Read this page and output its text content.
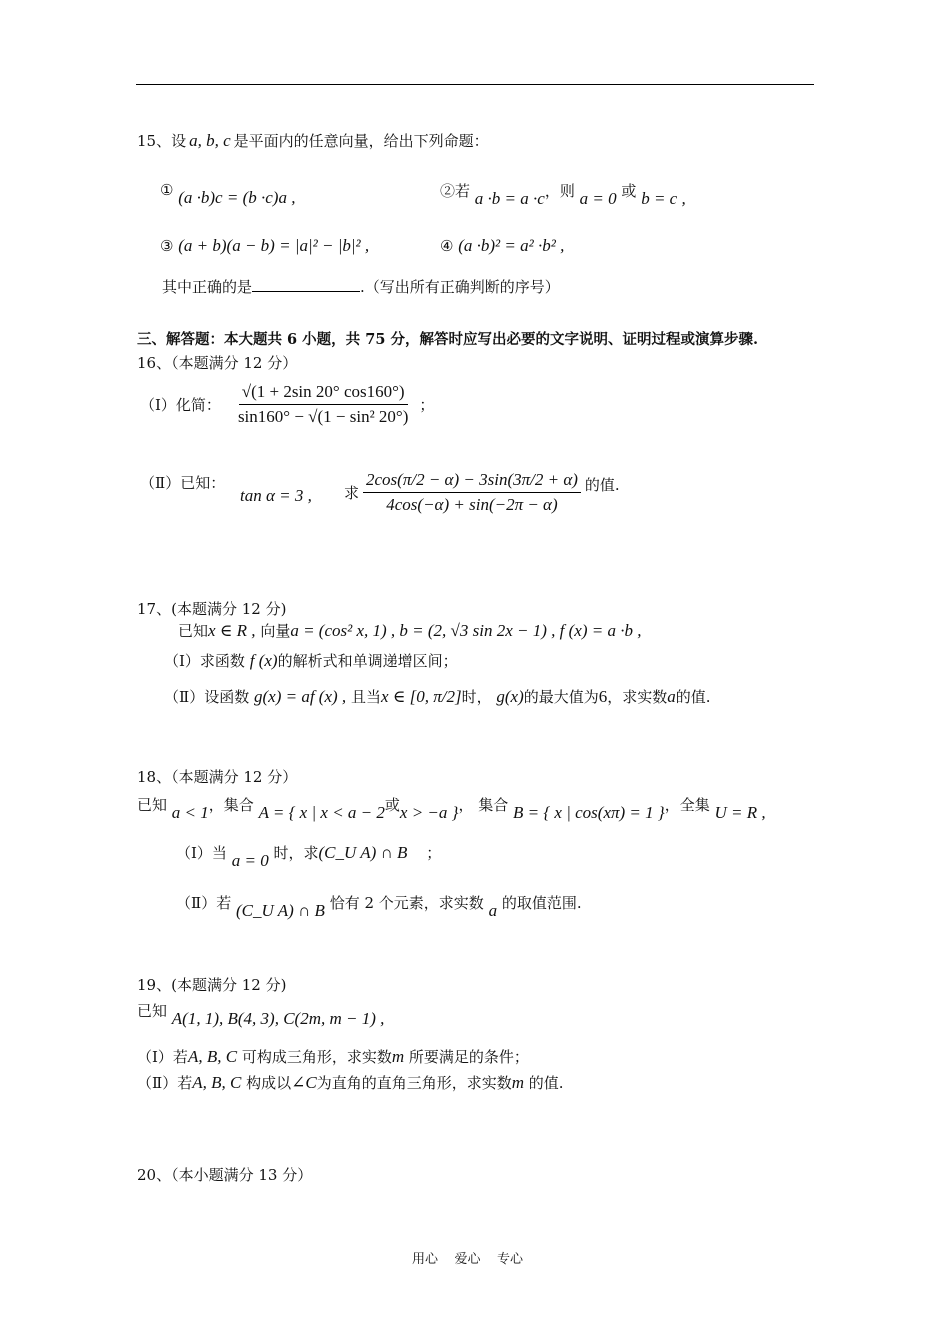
15、设 a, b, c 是平面内的任意向量，给出下列命题：
① (a ·b)c = (b ·c)a ,	②若 a ·b = a ·c，则 a = 0 或 b = c ,
③ (a + b)(a − b) = |a|² − |b|² ,	④ (a ·b)² = a² ·b² ,
其中正确的是	.（写出所有正确判断的序号）
三、解答题：本大题共 6 小题，共 75 分，解答时应写出必要的文字说明、证明过程或演算步骤.
16、（本题满分 12 分）
（Ⅰ）化简： $\frac{√(1 + 2\sin 20^\circ \cos 160^\circ)}{\text{sin160° − √(1 − sin² 20°)}}$ ；
（Ⅱ）已知：
tan α = 3 , 求 $\frac{2\cos(\pi/2 - \alpha) - 3\sin(3\pi/2 + \alpha)}{4\cos(-\alpha) + \sin(-2\pi - \alpha)}$ 的值.
17、(本题满分 12 分)
已知x ∈ R , 向量a = (cos² x, 1) , b = (2, √3 sin 2x − 1) , f (x) = a ·b ,
（Ⅰ）求函数 f (x)的解析式和单调递增区间；
（Ⅱ）设函数 g(x) = af (x) , 且当x ∈ [0, π/2]时， g(x)的最大值为6，求实数a的值.
18、（本题满分 12 分）
已知 a < 1，集合 A = { x | x < a − 2或x > −a }， 集合 B = { x | cos(xπ) = 1 }，全集 U = R ,
（Ⅰ）当 a = 0 时，求(C_U A) ∩ B ；
（Ⅱ）若 (C_U A) ∩ B 恰有 2 个元素，求实数 a 的取值范围.
19、(本题满分 12 分)
已知 A(1, 1), B(4, 3), C(2m, m − 1) ,
（Ⅰ）若A, B, C 可构成三角形，求实数m 所要满足的条件；
（Ⅱ）若A, B, C 构成以∠C为直角的直角三角形，求实数m 的值.
20、（本小题满分 13 分）
用心    爱心    专心
